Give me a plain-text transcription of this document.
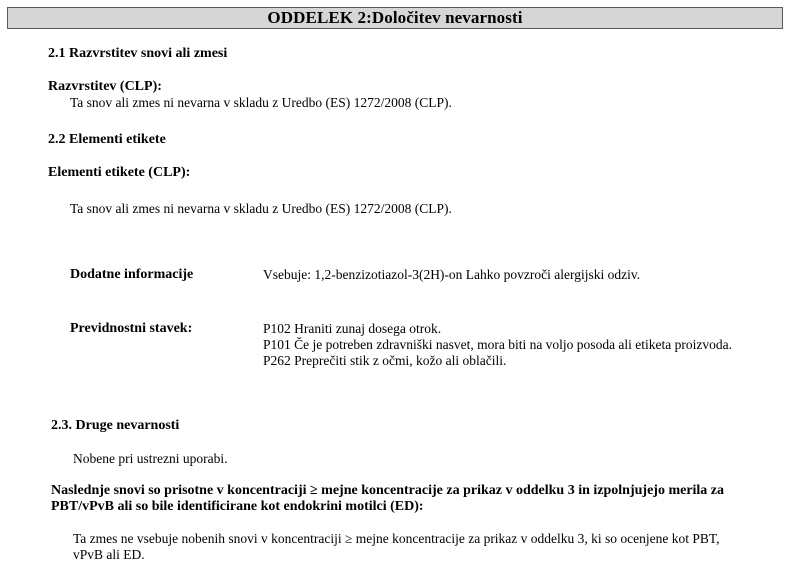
ODDELEK 2:Določitev nevarnosti
2.1 Razvrstitev snovi ali zmesi
Razvrstitev (CLP):
Ta snov ali zmes ni nevarna v skladu z Uredbo (ES) 1272/2008 (CLP).
2.2 Elementi etikete
Elementi etikete (CLP):
Ta snov ali zmes ni nevarna v skladu z Uredbo (ES) 1272/2008 (CLP).
Dodatne informacije	Vsebuje: 1,2-benzizotiazol-3(2H)-on Lahko povzroči alergijski odziv.
Previdnostni stavek:	P102 Hraniti zunaj dosega otrok.
P101 Če je potreben zdravniški nasvet, mora biti na voljo posoda ali etiketa proizvoda.
P262 Preprečiti stik z očmi, kožo ali oblačili.
2.3. Druge nevarnosti
Nobene pri ustrezni uporabi.
Naslednje snovi so prisotne v koncentraciji ≥ mejne koncentracije za prikaz v oddelku 3 in izpolnjujejo merila za
PBT/vPvB ali so bile identificirane kot endokrini motilci (ED):
Ta zmes ne vsebuje nobenih snovi v koncentraciji ≥ mejne koncentracije za prikaz v oddelku 3, ki so ocenjene kot PBT,
vPvB ali ED.
